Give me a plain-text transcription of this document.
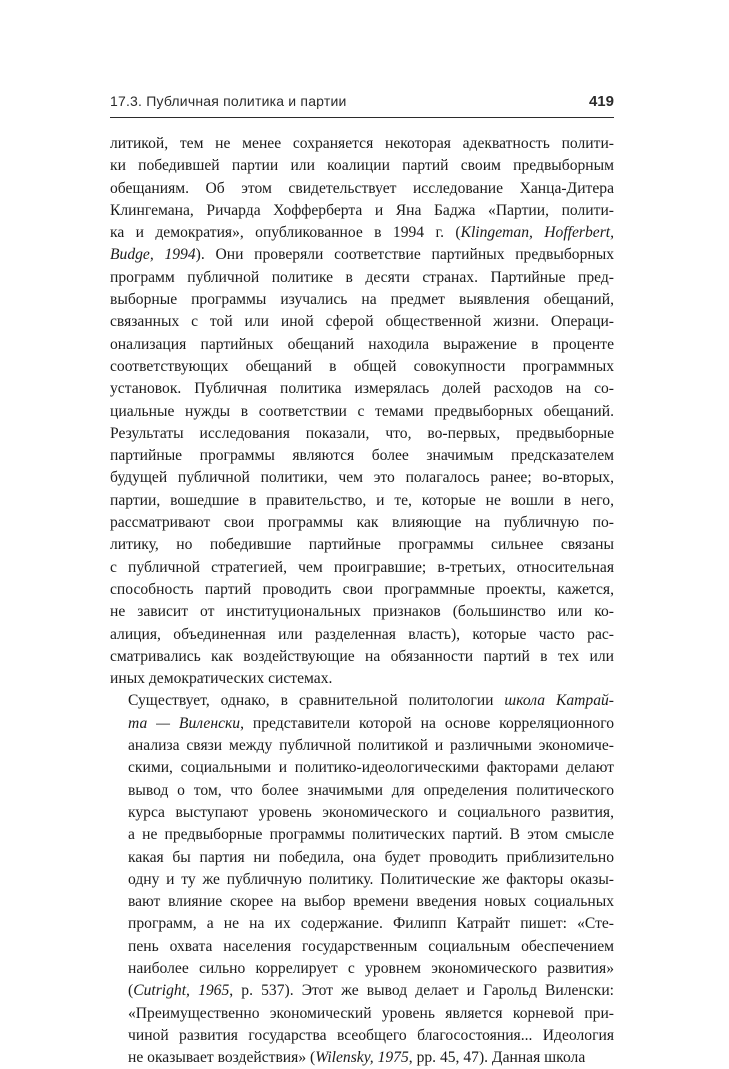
17.3. Публичная политика и партии	419

литикой, тем не менее сохраняется некоторая адекватность полити-
ки победившей партии или коалиции партий своим предвыборным
обещаниям. Об этом свидетельствует исследование Ханца-Дитера
Клингемана, Ричарда Хофферберта и Яна Баджа «Партии, полити-
ка и демократия», опубликованное в 1994 г. (Klingeman, Hofferbert,
Budge, 1994). Они проверяли соответствие партийных предвыборных
программ публичной политике в десяти странах. Партийные пред-
выборные программы изучались на предмет выявления обещаний,
связанных с той или иной сферой общественной жизни. Операци-
онализация партийных обещаний находила выражение в проценте
соответствующих обещаний в общей совокупности программных
установок. Публичная политика измерялась долей расходов на со-
циальные нужды в соответствии с темами предвыборных обещаний.
Результаты исследования показали, что, во-первых, предвыборные
партийные программы являются более значимым предсказателем
будущей публичной политики, чем это полагалось ранее; во-вторых,
партии, вошедшие в правительство, и те, которые не вошли в него,
рассматривают свои программы как влияющие на публичную по-
литику, но победившие партийные программы сильнее связаны
с публичной стратегией, чем проигравшие; в-третьих, относительная
способность партий проводить свои программные проекты, кажется,
не зависит от институциональных признаков (большинство или ко-
алиция, объединенная или разделенная власть), которые часто рас-
сматривались как воздействующие на обязанности партий в тех или
иных демократических системах.

Существует, однако, в сравнительной политологии школа Катрай-
та — Виленски, представители которой на основе корреляционного
анализа связи между публичной политикой и различными экономиче-
скими, социальными и политико-идеологическими факторами делают
вывод о том, что более значимыми для определения политического
курса выступают уровень экономического и социального развития,
а не предвыборные программы политических партий. В этом смысле
какая бы партия ни победила, она будет проводить приблизительно
одну и ту же публичную политику. Политические же факторы оказы-
вают влияние скорее на выбор времени введения новых социальных
программ, а не на их содержание. Филипп Катрайт пишет: «Сте-
пень охвата населения государственным социальным обеспечением
наиболее сильно коррелирует с уровнем экономического развития»
(Cutright, 1965, p. 537). Этот же вывод делает и Гарольд Виленски:
«Преимущественно экономический уровень является корневой при-
чиной развития государства всеобщего благосостояния... Идеология
не оказывает воздействия» (Wilensky, 1975, pp. 45, 47). Данная школа
